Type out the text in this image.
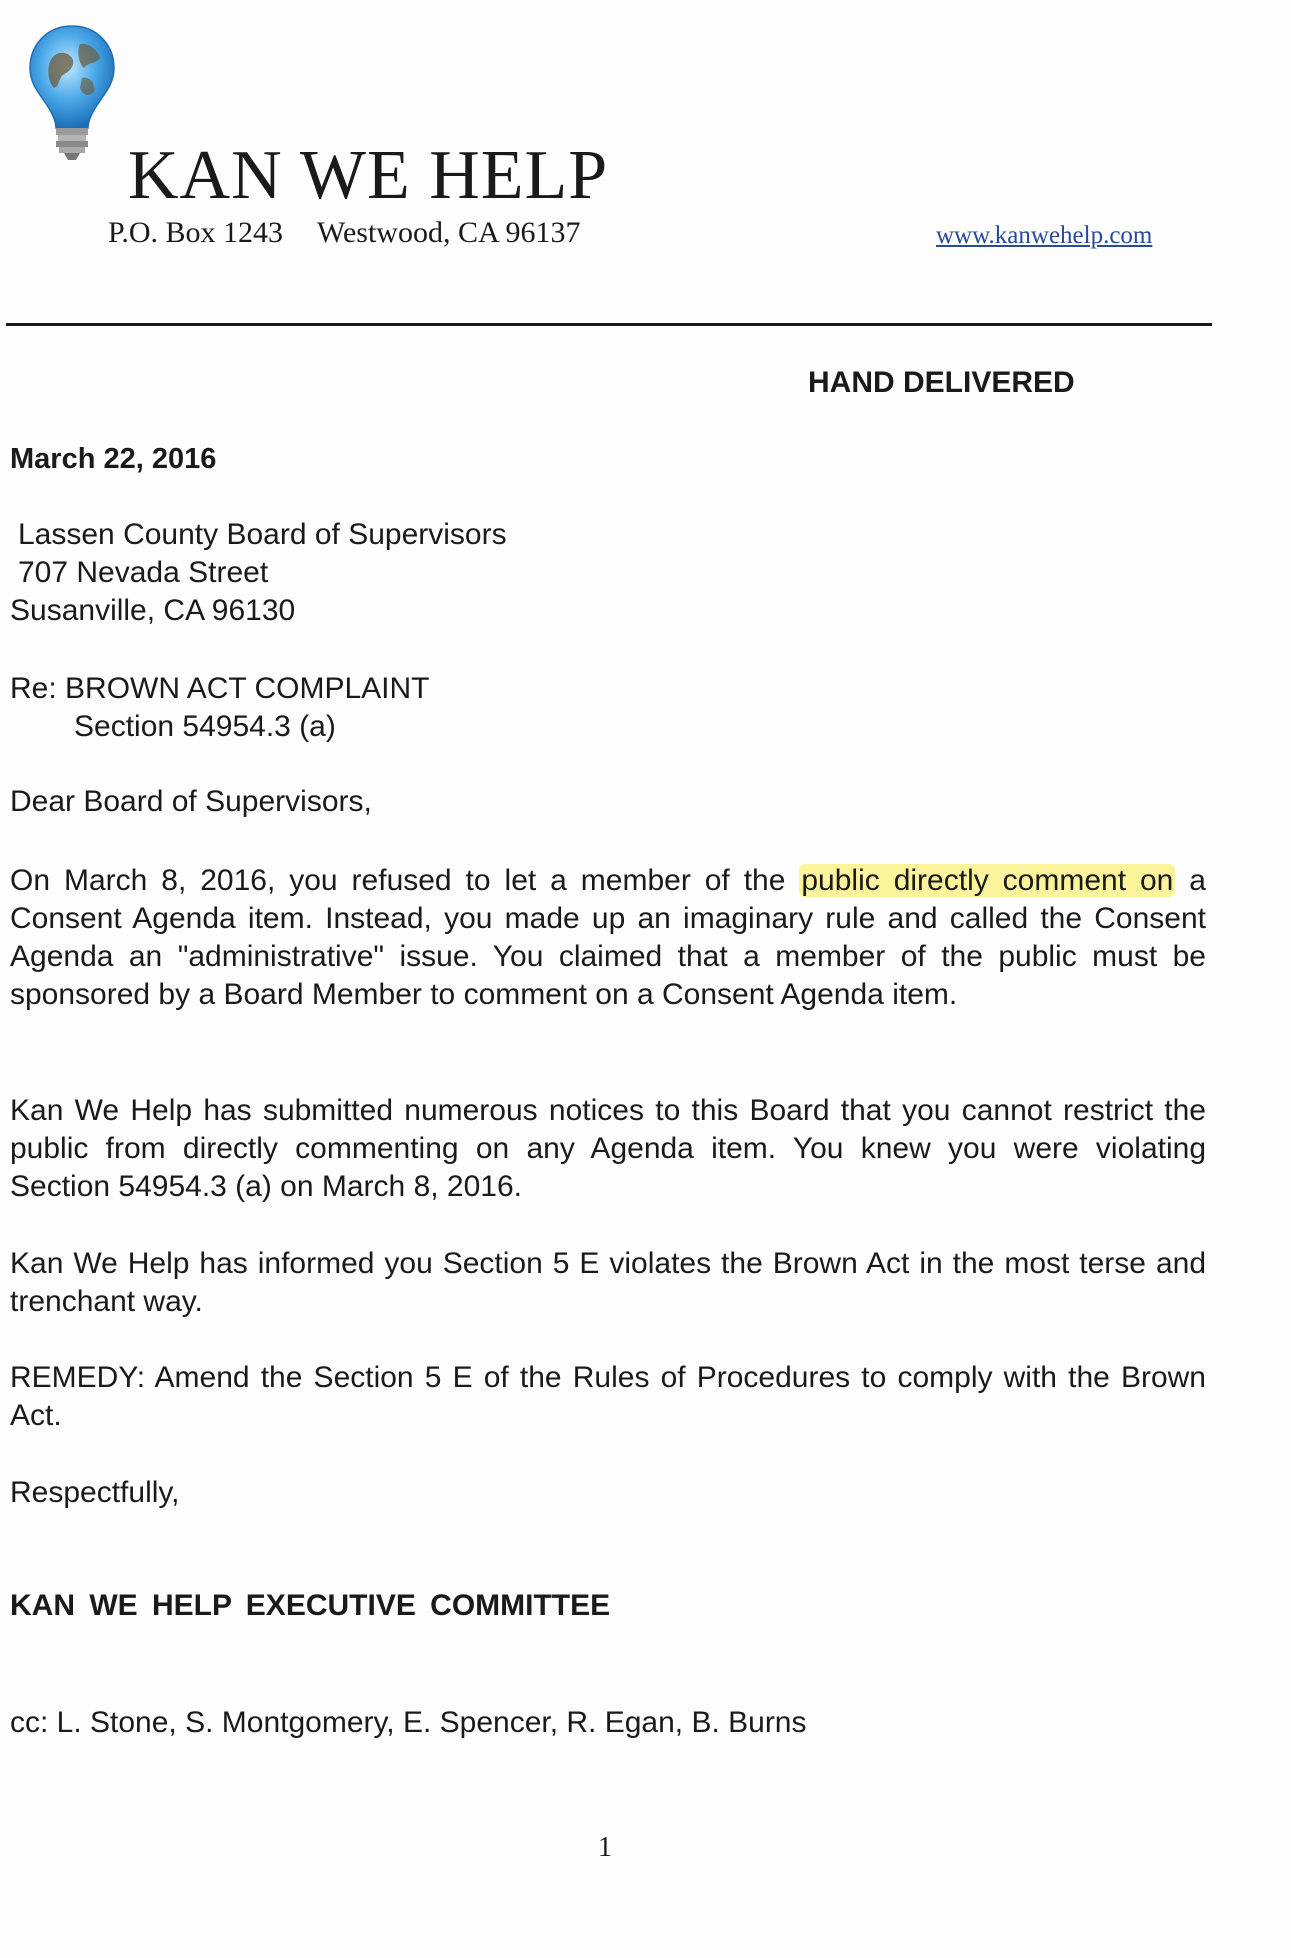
KAN WE HELP
P.O. Box 1243 Westwood, CA 96137	www.kanwehelp.com
HAND DELIVERED
March 22, 2016
Lassen County Board of Supervisors
707 Nevada Street
Susanville, CA 96130
Re: BROWN ACT COMPLAINT
Section 54954.3 (a)
Dear Board of Supervisors,

On March 8, 2016, you refused to let a member of the public directly comment on a Consent Agenda item. Instead, you made up an imaginary rule and called the Consent Agenda an "administrative" issue. You claimed that a member of the public must be sponsored by a Board Member to comment on a Consent Agenda item.

Kan We Help has submitted numerous notices to this Board that you cannot restrict the public from directly commenting on any Agenda item. You knew you were violating Section 54954.3 (a) on March 8, 2016.

Kan We Help has informed you Section 5 E violates the Brown Act in the most terse and trenchant way.

REMEDY: Amend the Section 5 E of the Rules of Procedures to comply with the Brown Act.

Respectfully,
KAN WE HELP EXECUTIVE COMMITTEE
cc: L. Stone, S. Montgomery, E. Spencer, R. Egan, B. Burns
1
